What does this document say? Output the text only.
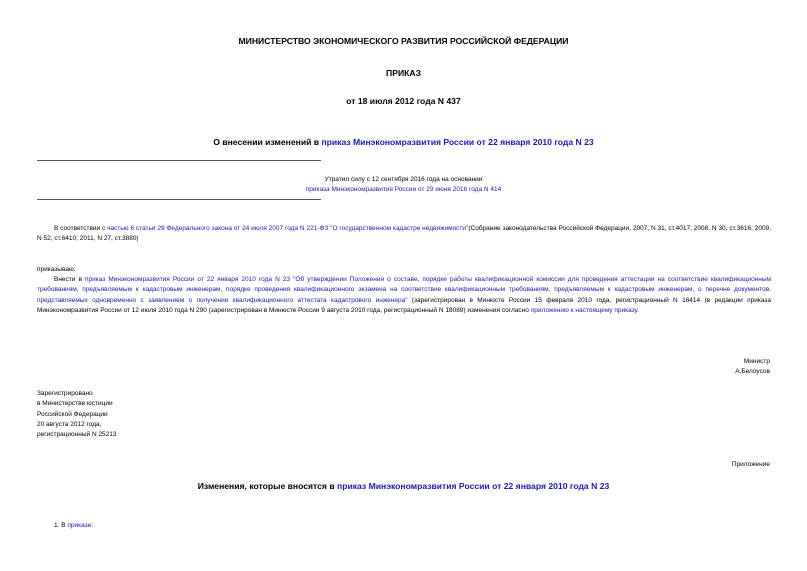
МИНИСТЕРСТВО ЭКОНОМИЧЕСКОГО РАЗВИТИЯ РОССИЙСКОЙ ФЕДЕРАЦИИ
ПРИКАЗ
от 18 июля 2012 года N 437
О внесении изменений в приказ Минэкономразвития России от 22 января 2010 года N 23
Утратил силу с 12 сентября 2016 года на основании
приказа Минэкономразвития России от 29 июня 2016 года N 414
В соответствии с частью 6 статьи 29 Федерального закона от 24 июля 2007 года N 221-ФЗ "О государственном кадастре недвижимости"(Собрание законодательства Российской Федерации, 2007, N 31, ст.4017; 2008, N 30, ст.3616; 2009, N 52, ст.6410; 2011, N 27, ст.3880)
приказываю:
Внести в приказ Минэкономразвития России от 22 января 2010 года N 23 "Об утверждении Положения о составе, порядке работы квалификационной комиссии для проведения аттестации на соответствие квалификационным требованиям, предъявляемым к кадастровым инженерам, порядке проведения квалификационного экзамена на соответствие квалификационным требованиям, предъявляемым к кадастровым инженерам, о перечне документов, представляемых одновременно с заявлением о получении квалификационного аттестата кадастрового инженера" (зарегистрирован в Минюсте России 15 февраля 2010 года, регистрационный N 16414 (в редакции приказа Минэкономразвития России от 12 июля 2010 года N 290 (зарегистрирован в Минюсте России 9 августа 2010 года, регистрационный N 18089) изменения согласно приложению к настоящему приказу.
Министр
А.Белоусов
Зарегистрировано
в Министерстве юстиции
Российской Федерации
20 августа 2012 года,
регистрационный N 25213
Приложение
Изменения, которые вносятся в приказ Минэкономразвития России от 22 января 2010 года N 23
1. В приказе:
